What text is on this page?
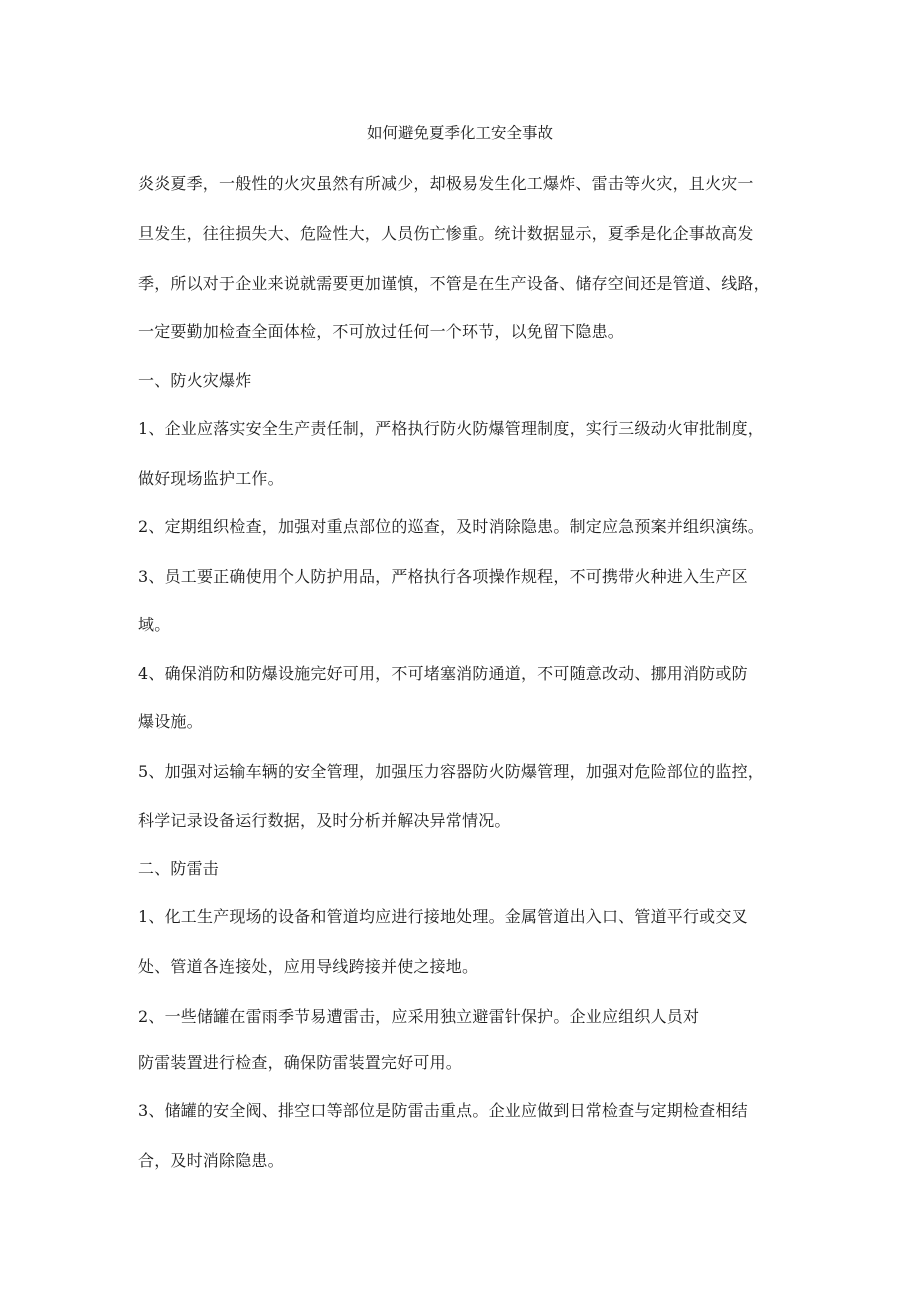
如何避免夏季化工安全事故
炎炎夏季，一般性的火灾虽然有所减少，却极易发生化工爆炸、雷击等火灾，且火灾一
旦发生，往往损失大、危险性大，人员伤亡惨重。统计数据显示，夏季是化企事故高发
季，所以对于企业来说就需要更加谨慎，不管是在生产设备、储存空间还是管道、线路，
一定要勤加检查全面体检，不可放过任何一个环节，以免留下隐患。
一、防火灾爆炸
1、企业应落实安全生产责任制，严格执行防火防爆管理制度，实行三级动火审批制度，
做好现场监护工作。
2、定期组织检查，加强对重点部位的巡查，及时消除隐患。制定应急预案并组织演练。
3、员工要正确使用个人防护用品，严格执行各项操作规程，不可携带火种进入生产区
域。
4、确保消防和防爆设施完好可用，不可堵塞消防通道，不可随意改动、挪用消防或防
爆设施。
5、加强对运输车辆的安全管理，加强压力容器防火防爆管理，加强对危险部位的监控，
科学记录设备运行数据，及时分析并解决异常情况。
二、防雷击
1、化工生产现场的设备和管道均应进行接地处理。金属管道出入口、管道平行或交叉
处、管道各连接处，应用导线跨接并使之接地。
2、一些储罐在雷雨季节易遭雷击，应采用独立避雷针保护。企业应组织人员对
防雷装置进行检查，确保防雷装置完好可用。
3、储罐的安全阀、排空口等部位是防雷击重点。企业应做到日常检查与定期检查相结
合，及时消除隐患。
